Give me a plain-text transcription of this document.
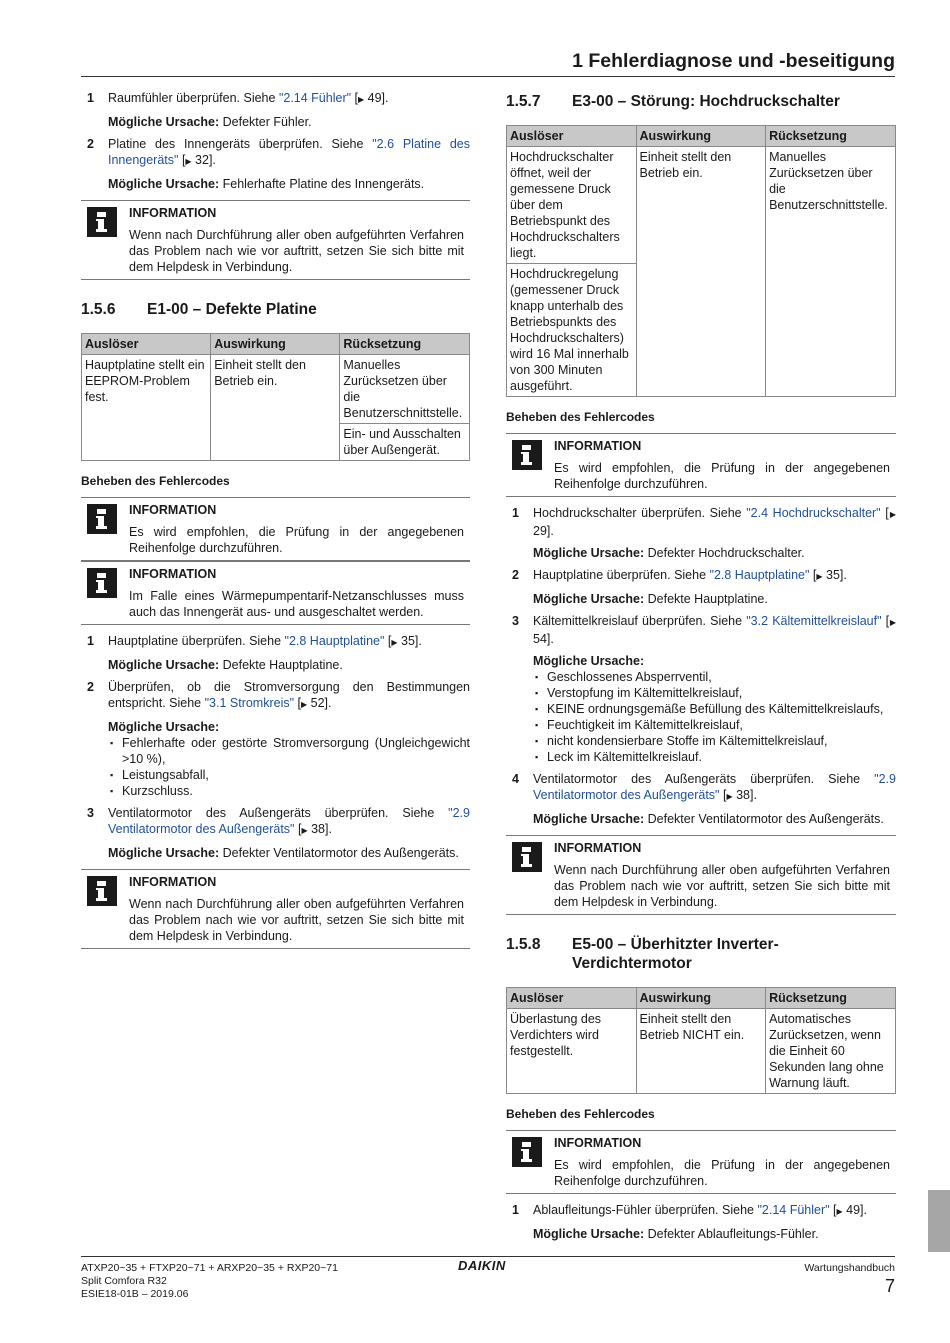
1 Fehlerdiagnose und -beseitigung
1	Raumfühler überprüfen. Siehe "2.14 Fühler" [▶ 49].
Mögliche Ursache: Defekter Fühler.
2	Platine des Innengeräts überprüfen. Siehe "2.6 Platine des Innengeräts" [▶ 32].
Mögliche Ursache: Fehlerhafte Platine des Innengeräts.
INFORMATION
Wenn nach Durchführung aller oben aufgeführten Verfahren das Problem nach wie vor auftritt, setzen Sie sich bitte mit dem Helpdesk in Verbindung.
1.5.6	E1-00 – Defekte Platine
Auslöser	Auswirkung	Rücksetzung
Hauptplatine stellt ein EEPROM-Problem fest.	Einheit stellt den Betrieb ein.	Manuelles Zurücksetzen über die Benutzerschnittstelle.
		Ein- und Ausschalten über Außengerät.
Beheben des Fehlercodes
INFORMATION
Es wird empfohlen, die Prüfung in der angegebenen Reihenfolge durchzuführen.
INFORMATION
Im Falle eines Wärmepumpentarif-Netzanschlusses muss auch das Innengerät aus- und ausgeschaltet werden.
1	Hauptplatine überprüfen. Siehe "2.8 Hauptplatine" [▶ 35].
Mögliche Ursache: Defekte Hauptplatine.
2	Überprüfen, ob die Stromversorgung den Bestimmungen entspricht. Siehe "3.1 Stromkreis" [▶ 52].
Mögliche Ursache:
▪ Fehlerhafte oder gestörte Stromversorgung (Ungleichgewicht >10 %),
▪ Leistungsabfall,
▪ Kurzschluss.
3	Ventilatormotor des Außengeräts überprüfen. Siehe "2.9 Ventilatormotor des Außengeräts" [▶ 38].
Mögliche Ursache: Defekter Ventilatormotor des Außengeräts.
INFORMATION
Wenn nach Durchführung aller oben aufgeführten Verfahren das Problem nach wie vor auftritt, setzen Sie sich bitte mit dem Helpdesk in Verbindung.
1.5.7	E3-00 – Störung: Hochdruckschalter
Auslöser	Auswirkung	Rücksetzung
Hochdruckschalter öffnet, weil der gemessene Druck über dem Betriebspunkt des Hochdruckschalters liegt.	Einheit stellt den Betrieb ein.	Manuelles Zurücksetzen über die Benutzerschnittstelle.
Hochdruckregelung (gemessener Druck knapp unterhalb des Betriebspunkts des Hochdruckschalters) wird 16 Mal innerhalb von 300 Minuten ausgeführt.		
Beheben des Fehlercodes
INFORMATION
Es wird empfohlen, die Prüfung in der angegebenen Reihenfolge durchzuführen.
1	Hochdruckschalter überprüfen. Siehe "2.4 Hochdruckschalter" [▶ 29].
Mögliche Ursache: Defekter Hochdruckschalter.
2	Hauptplatine überprüfen. Siehe "2.8 Hauptplatine" [▶ 35].
Mögliche Ursache: Defekte Hauptplatine.
3	Kältemittelkreislauf überprüfen. Siehe "3.2 Kältemittelkreislauf" [▶ 54].
Mögliche Ursache:
▪ Geschlossenes Absperrventil,
▪ Verstopfung im Kältemittelkreislauf,
▪ KEINE ordnungsgemäße Befüllung des Kältemittelkreislaufs,
▪ Feuchtigkeit im Kältemittelkreislauf,
▪ nicht kondensierbare Stoffe im Kältemittelkreislauf,
▪ Leck im Kältemittelkreislauf.
4	Ventilatormotor des Außengeräts überprüfen. Siehe "2.9 Ventilatormotor des Außengeräts" [▶ 38].
Mögliche Ursache: Defekter Ventilatormotor des Außengeräts.
INFORMATION
Wenn nach Durchführung aller oben aufgeführten Verfahren das Problem nach wie vor auftritt, setzen Sie sich bitte mit dem Helpdesk in Verbindung.
1.5.8	E5-00 – Überhitzter Inverter-Verdichtermotor
Auslöser	Auswirkung	Rücksetzung
Überlastung des Verdichters wird festgestellt.	Einheit stellt den Betrieb NICHT ein.	Automatisches Zurücksetzen, wenn die Einheit 60 Sekunden lang ohne Warnung läuft.
Beheben des Fehlercodes
INFORMATION
Es wird empfohlen, die Prüfung in der angegebenen Reihenfolge durchzuführen.
1	Ablaufleitungs-Fühler überprüfen. Siehe "2.14 Fühler" [▶ 49].
Mögliche Ursache: Defekter Ablaufleitungs-Fühler.
ATXP20~35 + FTXP20~71 + ARXP20~35 + RXP20~71
Split Comfora R32
ESIE18-01B – 2019.06
DAIKIN	Wartungshandbuch
7
